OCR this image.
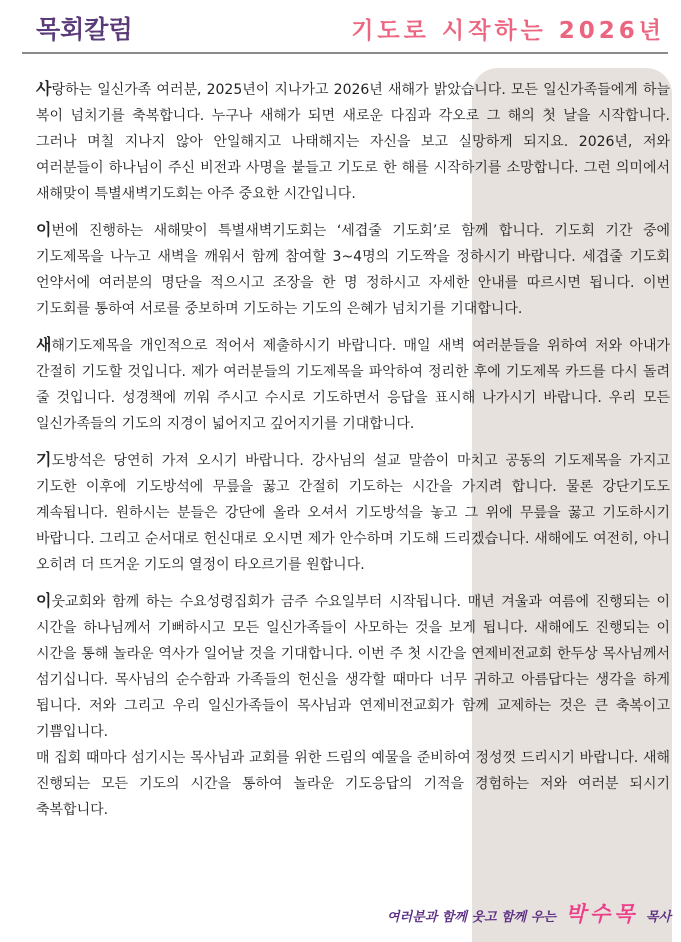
목회칼럼	기도로 시작하는 2026년

사랑하는 일신가족 여러분, 2025년이 지나가고 2026년 새해가 밝았습니다. 모든 일신가족들에게 하늘 복이 넘치기를 축복합니다. 누구나 새해가 되면 새로운 다짐과 각오로 그 해의 첫 날을 시작합니다. 그러나 며칠 지나지 않아 안일해지고 나태해지는 자신을 보고 실망하게 되지요. 2026년, 저와 여러분들이 하나님이 주신 비전과 사명을 붙들고 기도로 한 해를 시작하기를 소망합니다. 그런 의미에서 새해맞이 특별새벽기도회는 아주 중요한 시간입니다.

이번에 진행하는 새해맞이 특별새벽기도회는 ‘세겹줄 기도회’로 함께 합니다. 기도회 기간 중에 기도제목을 나누고 새벽을 깨워서 함께 참여할 3~4명의 기도짝을 정하시기 바랍니다. 세겹줄 기도회 언약서에 여러분의 명단을 적으시고 조장을 한 명 정하시고 자세한 안내를 따르시면 됩니다. 이번 기도회를 통하여 서로를 중보하며 기도하는 기도의 은혜가 넘치기를 기대합니다.

새해기도제목을 개인적으로 적어서 제출하시기 바랍니다. 매일 새벽 여러분들을 위하여 저와 아내가 간절히 기도할 것입니다. 제가 여러분들의 기도제목을 파악하여 정리한 후에 기도제목 카드를 다시 돌려 줄 것입니다. 성경책에 끼워 주시고 수시로 기도하면서 응답을 표시해 나가시기 바랍니다. 우리 모든 일신가족들의 기도의 지경이 넓어지고 깊어지기를 기대합니다.

기도방석은 당연히 가져 오시기 바랍니다. 강사님의 설교 말씀이 마치고 공동의 기도제목을 가지고 기도한 이후에 기도방석에 무릎을 꿇고 간절히 기도하는 시간을 가지려 합니다. 물론 강단기도도 계속됩니다. 원하시는 분들은 강단에 올라 오셔서 기도방석을 놓고 그 위에 무릎을 꿇고 기도하시기 바랍니다. 그리고 순서대로 헌신대로 오시면 제가 안수하며 기도해 드리겠습니다. 새해에도 여전히, 아니 오히려 더 뜨거운 기도의 열정이 타오르기를 원합니다.

이웃교회와 함께 하는 수요성령집회가 금주 수요일부터 시작됩니다. 매년 겨울과 여름에 진행되는 이 시간을 하나님께서 기뻐하시고 모든 일신가족들이 사모하는 것을 보게 됩니다. 새해에도 진행되는 이 시간을 통해 놀라운 역사가 일어날 것을 기대합니다. 이번 주 첫 시간을 연제비전교회 한두상 목사님께서 섬기십니다. 목사님의 순수함과 가족들의 헌신을 생각할 때마다 너무 귀하고 아름답다는 생각을 하게 됩니다. 저와 그리고 우리 일신가족들이 목사님과 연제비전교회가 함께 교제하는 것은 큰 축복이고 기쁨입니다.

매 집회 때마다 섬기시는 목사님과 교회를 위한 드림의 예물을 준비하여 정성껏 드리시기 바랍니다. 새해 진행되는 모든 기도의 시간을 통하여 놀라운 기도응답의 기적을 경험하는 저와 여러분 되시기 축복합니다.

여러분과 함께 웃고 함께 우는 박수목 목사
